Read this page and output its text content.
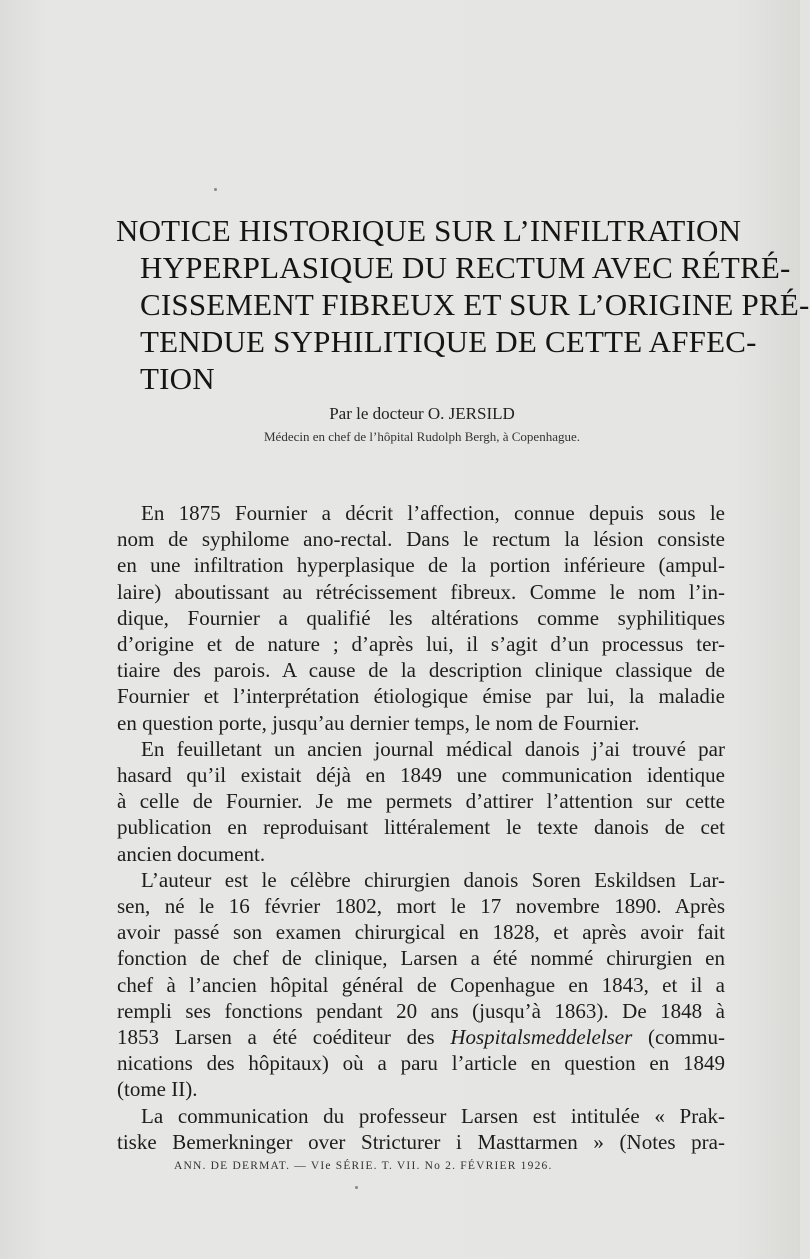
NOTICE HISTORIQUE SUR L’INFILTRATION
HYPERPLASIQUE DU RECTUM AVEC RÉTRÉ-
CISSEMENT FIBREUX ET SUR L’ORIGINE PRÉ-
TENDUE SYPHILITIQUE DE CETTE AFFEC-
TION
Par le docteur O. JERSILD
Médecin en chef de l’hôpital Rudolph Bergh, à Copenhague.

En 1875 Fournier a décrit l’affection, connue depuis sous le
nom de syphilome ano-rectal. Dans le rectum la lésion consiste
en une infiltration hyperplasique de la portion inférieure (ampul-
laire) aboutissant au rétrécissement fibreux. Comme le nom l’in-
dique, Fournier a qualifié les altérations comme syphilitiques
d’origine et de nature ; d’après lui, il s’agit d’un processus ter-
tiaire des parois. A cause de la description clinique classique de
Fournier et l’interprétation étiologique émise par lui, la maladie
en question porte, jusqu’au dernier temps, le nom de Fournier.

En feuilletant un ancien journal médical danois j’ai trouvé par
hasard qu’il existait déjà en 1849 une communication identique
à celle de Fournier. Je me permets d’attirer l’attention sur cette
publication en reproduisant littéralement le texte danois de cet
ancien document.

L’auteur est le célèbre chirurgien danois Soren Eskildsen Lar-
sen, né le 16 février 1802, mort le 17 novembre 1890. Après
avoir passé son examen chirurgical en 1828, et après avoir fait
fonction de chef de clinique, Larsen a été nommé chirurgien en
chef à l’ancien hôpital général de Copenhague en 1843, et il a
rempli ses fonctions pendant 20 ans (jusqu’à 1863). De 1848 à
1853 Larsen a été coéditeur des Hospitalsmeddelelser (commu-
nications des hôpitaux) où a paru l’article en question en 1849
(tome II).

La communication du professeur Larsen est intitulée « Prak-
tiske Bemerkninger over Stricturer i Masttarmen » (Notes pra-

ANN. DE DERMAT. — VIe SÉRIE. T. VII. No 2. FÉVRIER 1926.
